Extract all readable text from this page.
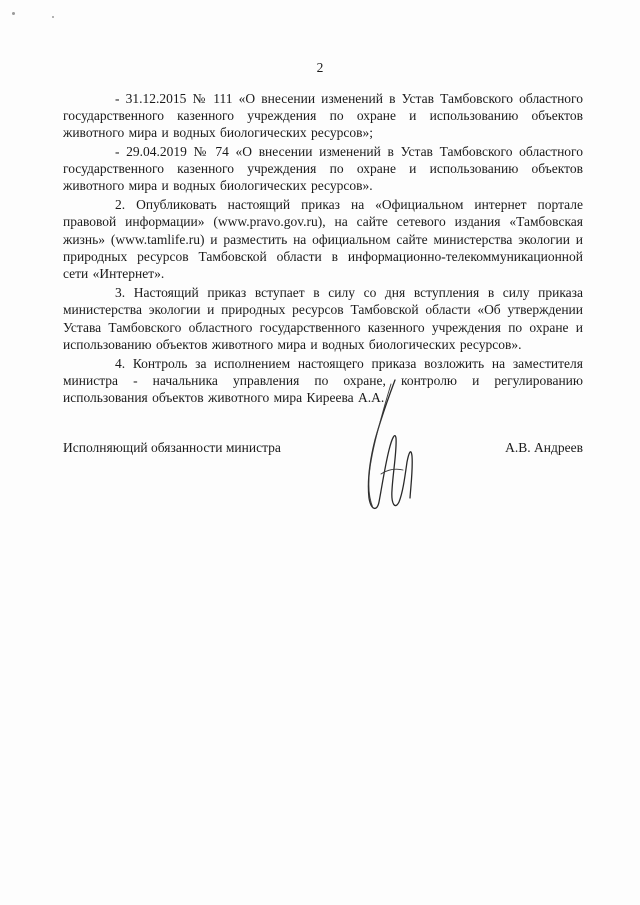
2

- 31.12.2015 № 111 «О внесении изменений в Устав Тамбовского областного государственного казенного учреждения по охране и использованию объектов животного мира и водных биологических ресурсов»;

- 29.04.2019 № 74 «О внесении изменений в Устав Тамбовского областного государственного казенного учреждения по охране и использованию объектов животного мира и водных биологических ресурсов».

2. Опубликовать настоящий приказ на «Официальном интернет портале правовой информации» (www.pravo.gov.ru), на сайте сетевого издания «Тамбовская жизнь» (www.tamlife.ru) и разместить на официальном сайте министерства экологии и природных ресурсов Тамбовской области в информационно-телекоммуникационной сети «Интернет».

3. Настоящий приказ вступает в силу со дня вступления в силу приказа министерства экологии и природных ресурсов Тамбовской области «Об утверждении Устава Тамбовского областного государственного казенного учреждения по охране и использованию объектов животного мира и водных биологических ресурсов».

4. Контроль за исполнением настоящего приказа возложить на заместителя министра - начальника управления по охране, контролю и регулированию использования объектов животного мира Киреева А.А.

Исполняющий обязанности министра	А.В. Андреев
